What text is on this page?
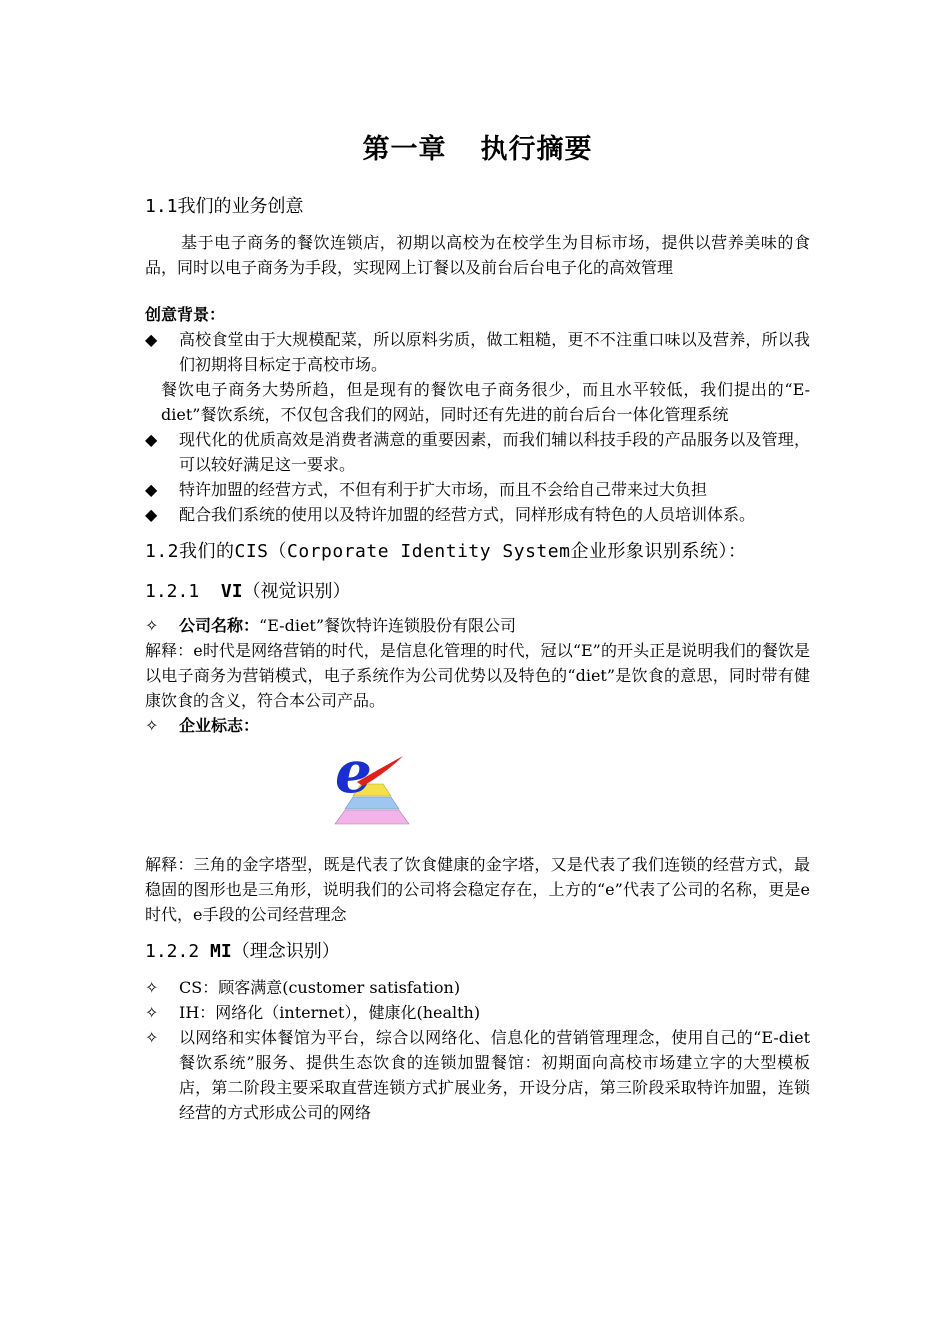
第一章 执行摘要
1.1我们的业务创意

基于电子商务的餐饮连锁店，初期以高校为在校学生为目标市场，提供以营养美味的食品，同时以电子商务为手段，实现网上订餐以及前台后台电子化的高效管理

创意背景：
◆	高校食堂由于大规模配菜，所以原料劣质，做工粗糙，更不不注重口味以及营养，所以我们初期将目标定于高校市场。
餐饮电子商务大势所趋，但是现有的餐饮电子商务很少，而且水平较低，我们提出的“E-diet”餐饮系统，不仅包含我们的网站，同时还有先进的前台后台一体化管理系统
◆	现代化的优质高效是消费者满意的重要因素，而我们辅以科技手段的产品服务以及管理，可以较好满足这一要求。
◆	特许加盟的经营方式，不但有利于扩大市场，而且不会给自己带来过大负担
◆	配合我们系统的使用以及特许加盟的经营方式，同样形成有特色的人员培训体系。
1.2我们的CIS（Corporate Identity System企业形象识别系统）：
1.2.1 VI（视觉识别）
✧	公司名称：“E-diet”餐饮特许连锁股份有限公司

解释：e时代是网络营销的时代，是信息化管理的时代，冠以“E”的开头正是说明我们的餐饮是以电子商务为营销模式，电子系统作为公司优势以及特色的“diet”是饮食的意思，同时带有健康饮食的含义，符合本公司产品。

✧	企业标志：
e

解释：三角的金字塔型，既是代表了饮食健康的金字塔，又是代表了我们连锁的经营方式，最稳固的图形也是三角形，说明我们的公司将会稳定存在，上方的“e”代表了公司的名称，更是e时代，e手段的公司经营理念

1.2.2 MI（理念识别）
✧	CS：顾客满意(customer satisfation)
✧	IH：网络化（internet），健康化(health)
✧	以网络和实体餐馆为平台，综合以网络化、信息化的营销管理理念，使用自己的“E-diet餐饮系统”服务、提供生态饮食的连锁加盟餐馆：初期面向高校市场建立字的大型模板店，第二阶段主要采取直营连锁方式扩展业务，开设分店，第三阶段采取特许加盟，连锁经营的方式形成公司的网络
